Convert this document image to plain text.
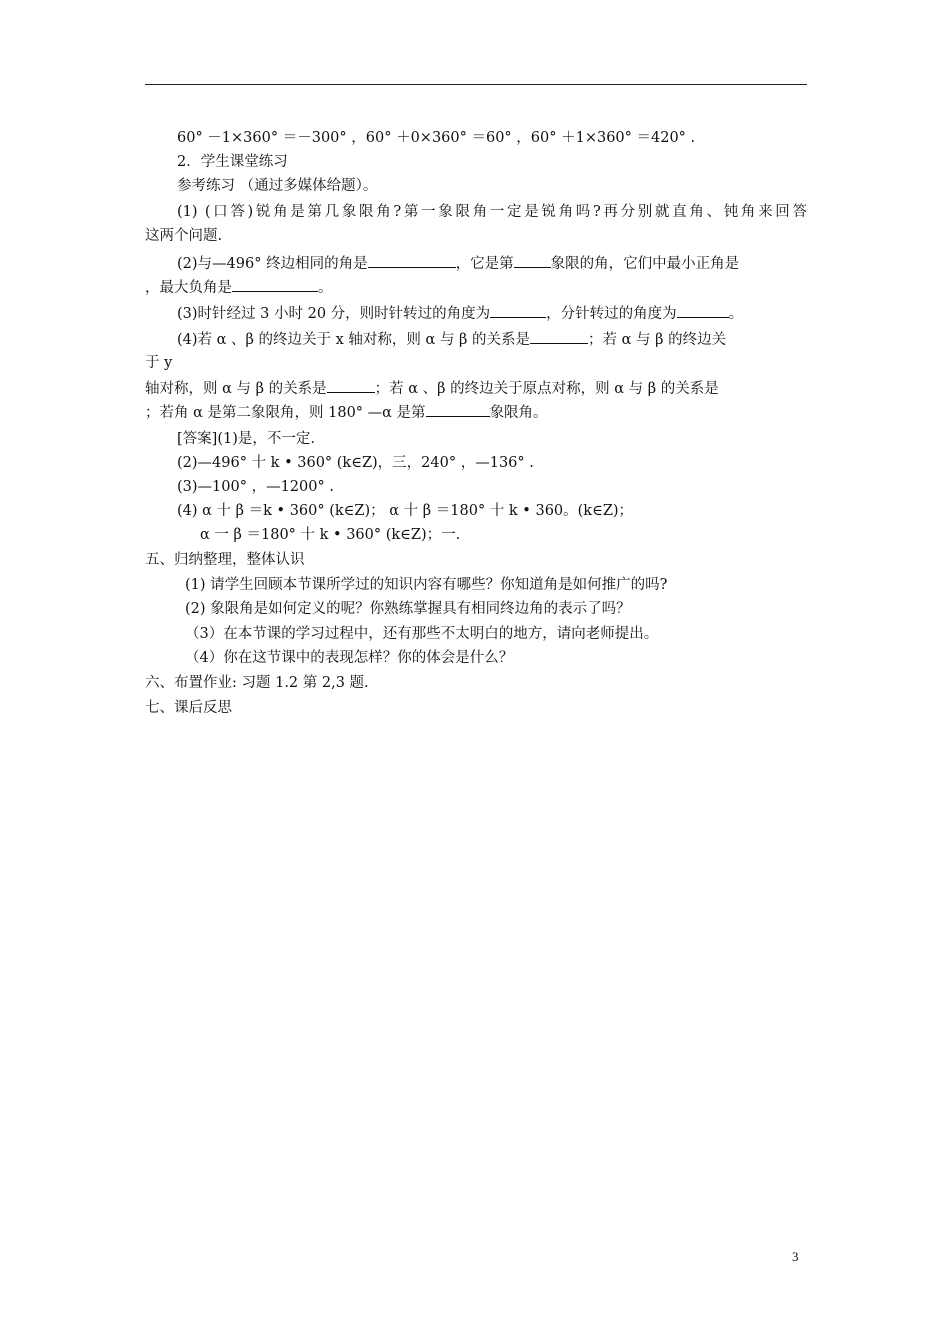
60° －1×360° ＝－300° ，60° ＋0×360° ＝60° ，60° ＋1×360° ＝420° .
2．学生课堂练习
参考练习 （通过多媒体给题）。
(1) (口答)锐角是第几象限角?第一象限角一定是锐角吗?再分别就直角、钝角来回答
这两个问题.
(2)与—496° 终边相同的角是	，它是第	象限的角，它们中最小正角是
，最大负角是	。
(3)时针经过 3 小时 20 分，则时针转过的角度为	，分针转过的角度为	。
(4)若 α 、β 的终边关于 x 轴对称，则 α 与 β 的关系是	；若 α 与 β 的终边关
于 y
轴对称，则 α 与 β 的关系是	；若 α 、β 的终边关于原点对称，则 α 与 β 的关系是
；若角 α 是第二象限角，则 180° —α 是第	象限角。
[答案](1)是，不一定.
(2)—496° 十 k • 360° (k∈Z)，三，240° ，—136° .
(3)—100° ，—1200° .
(4) α 十 β ＝k • 360° (k∈Z)； α 十 β ＝180° 十 k • 360。(k∈Z)；
α 一 β ＝180° 十 k • 360° (k∈Z)；一.
五、归纳整理，整体认识
(1) 请学生回顾本节课所学过的知识内容有哪些？你知道角是如何推广的吗?
(2) 象限角是如何定义的呢？你熟练掌握具有相同终边角的表示了吗？
（3）在本节课的学习过程中，还有那些不太明白的地方，请向老师提出。
（4）你在这节课中的表现怎样？你的体会是什么？
六、布置作业: 习题 1.2 第 2,3 题.
七、课后反思
3
